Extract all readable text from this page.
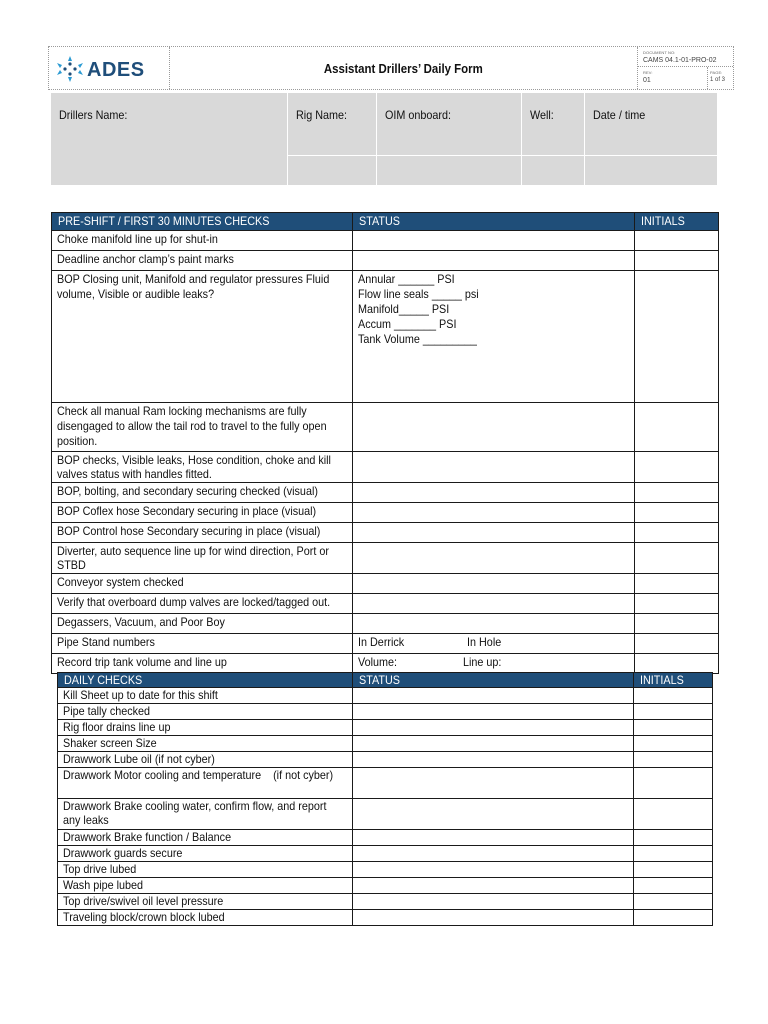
ADES	Assistant Drillers’ Daily Form
DOCUMENT NO:
CAMS 04.1-01-PRO-02
REV:
01
PAGE:
1 of 3
Drillers Name:	Rig Name:	OIM onboard:	Well:	Date / time
PRE-SHIFT / FIRST 30 MINUTES CHECKS	STATUS	INITIALS
Choke manifold line up for shut-in		
Deadline anchor clamp’s paint marks		

BOP Closing unit, Manifold and regulator pressures Fluid volume, Visible or audible leaks?	Annular ______ PSI
Flow line seals _____ psi
Manifold_____ PSI
Accum _______ PSI
Tank Volume _________	

Check all manual Ram locking mechanisms are fully disengaged to allow the tail rod to travel to the fully open position.		

BOP checks, Visible leaks, Hose condition, choke and kill valves status with handles fitted.		

BOP, bolting, and secondary securing checked (visual)		
BOP Coflex hose Secondary securing in place (visual)		
BOP Control hose Secondary securing in place (visual)		

Diverter, auto sequence line up for wind direction, Port or STBD		

Conveyor system checked		
Verify that overboard dump valves are locked/tagged out.		
Degassers, Vacuum, and Poor Boy		
Pipe Stand numbers	In Derrick In Hole	

Record trip tank volume and line up	Volume: Line up:	

DAILY CHECKS	STATUS	INITIALS
Kill Sheet up to date for this shift		
Pipe tally checked		
Rig floor drains line up		
Shaker screen Size		
Drawwork Lube oil (if not cyber)		

Drawwork Motor cooling and temperature    (if not cyber)		

Drawwork Brake cooling water, confirm flow, and report any leaks		

Drawwork Brake function / Balance		
Drawwork guards secure		
Top drive lubed		
Wash pipe lubed		
Top drive/swivel oil level pressure		
Traveling block/crown block lubed		
